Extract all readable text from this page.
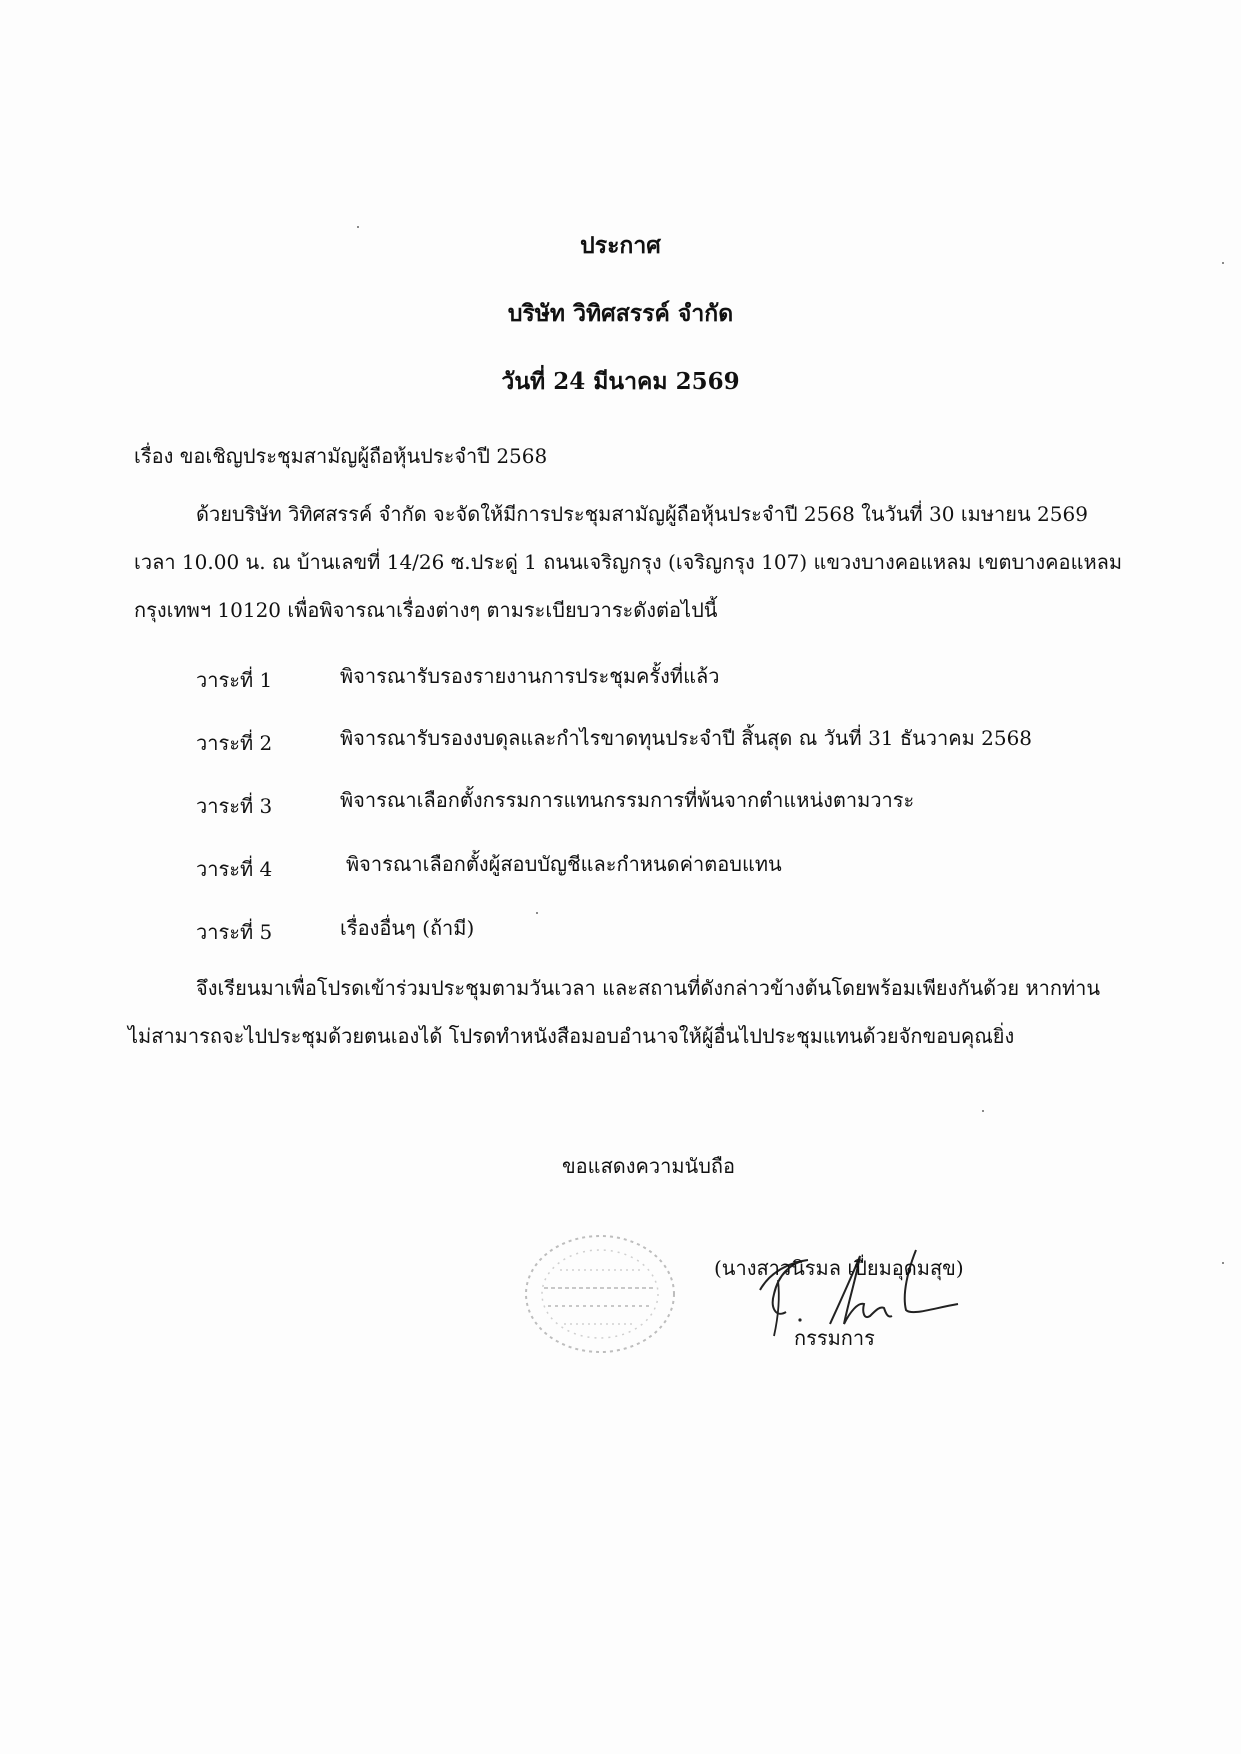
ประกาศ
บริษัท วิทิศสรรค์ จำกัด
วันที่ 24 มีนาคม 2569
เรื่อง ขอเชิญประชุมสามัญผู้ถือหุ้นประจำปี 2568
ด้วยบริษัท วิทิศสรรค์ จำกัด จะจัดให้มีการประชุมสามัญผู้ถือหุ้นประจำปี 2568 ในวันที่ 30 เมษายน 2569
เวลา 10.00 น. ณ บ้านเลขที่ 14/26 ซ.ประดู่ 1 ถนนเจริญกรุง (เจริญกรุง 107) แขวงบางคอแหลม เขตบางคอแหลม
กรุงเทพฯ 10120 เพื่อพิจารณาเรื่องต่างๆ ตามระเบียบวาระดังต่อไปนี้
วาระที่ 1	พิจารณารับรองรายงานการประชุมครั้งที่แล้ว
วาระที่ 2	พิจารณารับรองงบดุลและกำไรขาดทุนประจำปี สิ้นสุด ณ วันที่ 31 ธันวาคม 2568
วาระที่ 3	พิจารณาเลือกตั้งกรรมการแทนกรรมการที่พ้นจากตำแหน่งตามวาระ
วาระที่ 4	พิจารณาเลือกตั้งผู้สอบบัญชีและกำหนดค่าตอบแทน
วาระที่ 5	เรื่องอื่นๆ (ถ้ามี)
จึงเรียนมาเพื่อโปรดเข้าร่วมประชุมตามวันเวลา และสถานที่ดังกล่าวข้างต้นโดยพร้อมเพียงกันด้วย หากท่าน
ไม่สามารถจะไปประชุมด้วยตนเองได้ โปรดทำหนังสือมอบอำนาจให้ผู้อื่นไปประชุมแทนด้วยจักขอบคุณยิ่ง
ขอแสดงความนับถือ
(นางสาวนิรมล เปี่ยมอุดมสุข)
กรรมการ
